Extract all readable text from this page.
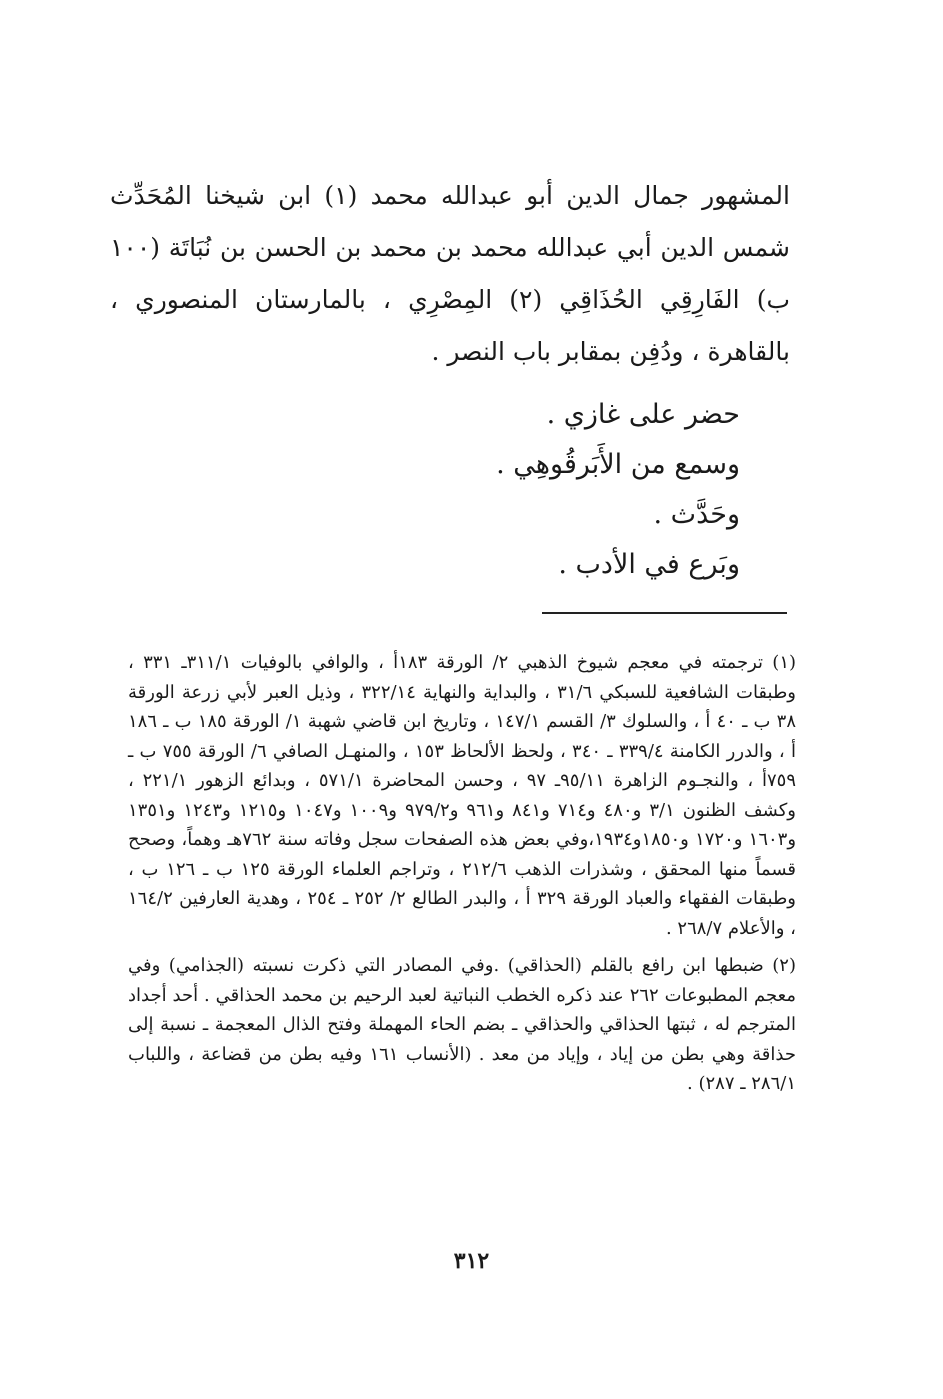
المشهور جمال الدين أبو عبدالله محمد (١) ابن شيخنا المُحَدِّث شمس الدين أبي عبدالله محمد بن محمد بن الحسن بن نُبَاتَة (١٠٠ ب) الفَارِقِي الحُذَاقِي (٢) المِصْرِي ، بالمارستان المنصوري ، بالقاهرة ، ودُفِن بمقابر باب النصر .

حضر على غازي .
وسمع من الأَبَرقُوهِي .
وحَدَّث .
وبَرع في الأدب .

(١) ترجمته في معجم شيوخ الذهبي ٢/ الورقة ١٨٣أ ، والوافي بالوفيات ٣١١/١ـ ٣٣١ ، وطبقات الشافعية للسبكي ٣١/٦ ، والبداية والنهاية ٣٢٢/١٤ ، وذيل العبر لأبي زرعة الورقة ٣٨ ب ـ ٤٠ أ ، والسلوك ٣/ القسم ١٤٧/١ ، وتاريخ ابن قاضي شهبة ١/ الورقة ١٨٥ ب ـ ١٨٦ أ ، والدرر الكامنة ٣٣٩/٤ ـ ٣٤٠ ، ولحظ الألحاظ ١٥٣ ، والمنهـل الصافي ٦/ الورقة ٧٥٥ ب ـ ٧٥٩أ ، والنجـوم الزاهرة ٩٥/١١ـ ٩٧ ، وحسن المحاضرة ٥٧١/١ ، وبدائع الزهور ٢٢١/١ ، وكشف الظنون ٣/١ و٤٨٠ و٧١٤ و٨٤١ و٩٦١ و٩٧٩/٢ و١٠٠٩ و١٠٤٧ و١٢١٥ و١٢٤٣ و١٣٥١ و١٦٠٣ و١٧٢٠ و١٨٥٠و١٩٣٤،وفي بعض هذه الصفحات سجل وفاته سنة ٧٦٢هـ وهماً، وصحح قسماً منها المحقق ، وشذرات الذهب ٢١٢/٦ ، وتراجم العلماء الورقة ١٢٥ ب ـ ١٢٦ ب ، وطبقات الفقهاء والعباد الورقة ٣٢٩ أ ، والبدر الطالع ٢/ ٢٥٢ ـ ٢٥٤ ، وهدية العارفين ١٦٤/٢ ، والأعلام ٢٦٨/٧ .

(٢) ضبطها ابن رافع بالقلم (الحذاقي) .وفي المصادر التي ذكرت نسبته (الجذامي) وفي معجم المطبوعات ٢٦٢ عند ذكره الخطب النباتية لعبد الرحيم بن محمد الحذاقي . أحد أجداد المترجم له ، ثبتها الحذاقي والحذاقي ـ بضم الحاء المهملة وفتح الذال المعجمة ـ نسبة إلى حذاقة وهي بطن من إياد ، وإياد من معد . (الأنساب ١٦١ وفيه بطن من قضاعة ، واللباب ٢٨٦/١ ـ ٢٨٧) .

٣١٢
